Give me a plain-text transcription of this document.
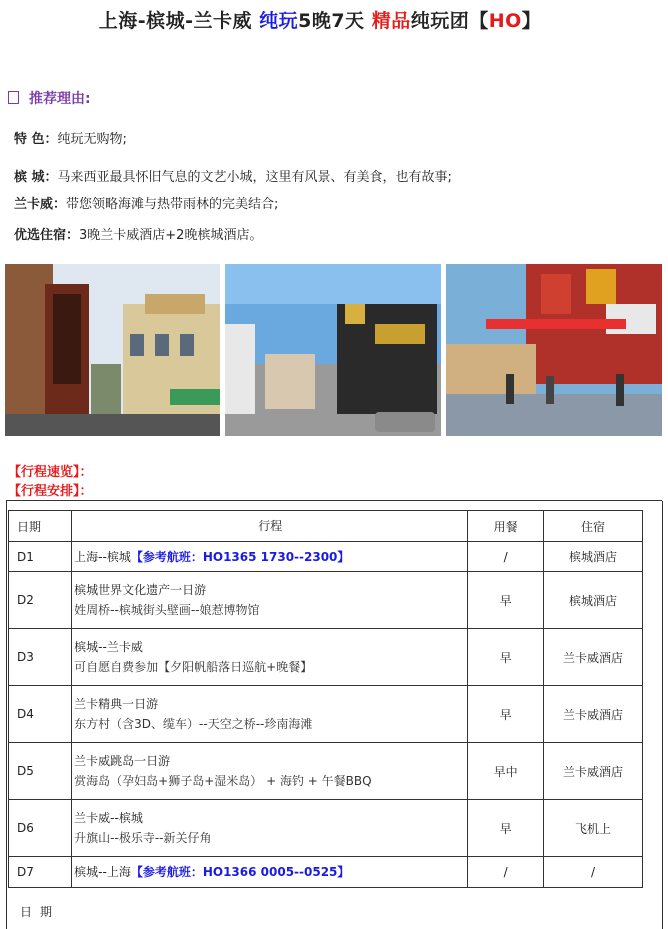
上海-槟城-兰卡威 纯玩5晚7天 精品纯玩团【HO】
推荐理由:
特 色：纯玩无购物;
槟 城：马来西亚最具怀旧气息的文艺小城，这里有风景、有美食，也有故事;
兰卡威：带您领略海滩与热带雨林的完美结合;
优选住宿：3晚兰卡威酒店+2晚槟城酒店。
【行程速览】：
【行程安排】：
日期	行程	用餐	住宿
D1	上海--槟城【参考航班：HO1365 1730--2300】	/	槟城酒店
D2	槟城世界文化遗产一日游
姓周桥--槟城街头壁画--娘惹博物馆	早	槟城酒店
D3	槟城--兰卡威
可自愿自费参加【夕阳帆船落日巡航+晚餐】	早	兰卡威酒店
D4	兰卡精典一日游
东方村（含3D、缆车）--天空之桥--珍南海滩	早	兰卡威酒店
D5	兰卡威跳岛一日游
赏海岛（孕妇岛+狮子岛+湿米岛） + 海钓 + 午餐BBQ	早中	兰卡威酒店
D6	兰卡威--槟城
升旗山--极乐寺--新关仔角	早	飞机上
D7	槟城--上海【参考航班：HO1366 0005--0525】	/	/
日期
